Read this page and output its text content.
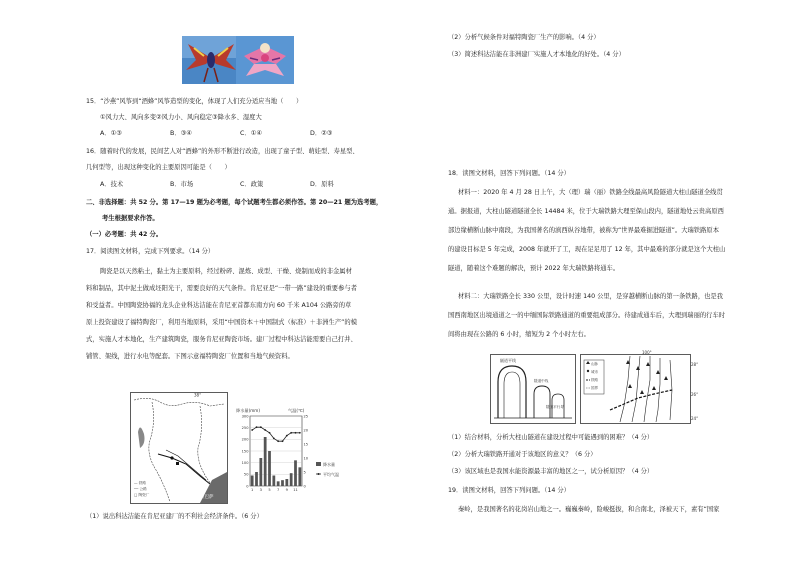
15．“沙燕”风筝到“酒蜂”风筝造型的变化，体现了人们充分适应当地（　　）
①风力大、风向多变②风力小、风向稳定③降水多、湿度大
A．①③	B．③④	C．①④	D．②③
16．随着时代的发展，民间艺人对“酒蜂”的外形不断进行改造，出现了童子型、萌娃型、寿星型、
几何型等，出现这种变化的主要原因可能是（　　）
A．技术	B．市场	C．政策	D．原料
二、非选择题：共 52 分。第 17—19 题为必考题，每个试题考生都必须作答。第 20—21 题为选考题，
考生根据要求作答。
（一）必考题：共 42 分。
17．阅读图文材料，完成下列要求。（14 分）
陶瓷是以天然粘土，黏土为主要原料，经过粉碎、混炼、成型、干燥、烧制而成的非金属材
料和制品，其中泥土做成坯阳光干，需要良好的天气条件。肯尼亚是“一带一路”建设的重要参与者
和受益者。中国陶瓷协福的龙头企业科达洁能在肯尼亚首都东南方向 60 千米 A104 公路旁的草
原上投资建设了福特陶瓷厂，利用当地原料，采用“中国资本＋中国制式（标准）＋非洲生产”的模
式，实施人才本地化，生产建筑陶瓷，服务肯尼亚陶瓷市场。建厂过程中科达洁能需要自己打井、
铺管、架线，进行水电等配套。下图示意福特陶瓷厂位置和当地气候资料。
蒙巴萨
38°
— 铁路
── 公路
□ 陶瓷厂
降水量(mm)	气温(℃)
0
50
100
150
200
250
300
0
5
10
15
20
25
1 3 5 7 9 11
降水量
平均气温
（1）说出科达洁能在肯尼亚建厂的不利社会经济条件。（6 分）
（2）分析气候条件对福特陶瓷厂生产的影响。（4 分）
（3）简述科达洁能在非洲建厂实施人才本地化的好处。（4 分）
18．读图文材料，回答下列问题。（14 分）
材料一：2020 年 4 月 28 日上午，大（理）瑞（丽）铁路全线最高风险隧道大柱山隧道全线贯
通。据报道，大柱山隧道隧道全长 14484 米，位于大瑞铁路大理至保山段内，隧道地处云贵高原西
部边缘横断山脉中南段，为我国著名的滇西纵谷地带，被称为“世界最难掘进隧道”。大瑞铁路原本
的建设目标是 5 年完成，2008 年就开了工，现在足足用了 12 年，其中最难的部分就是这个大柱山
隧道，随着这个难题的解决，预计 2022 年大瑞铁路将通车。
材料二：大瑞铁路全长 330 公里，设计时速 140 公里，是穿越横断山脉的第一条铁路，也是我
国西南地区出境通道之一的中缅国际铁路通道的重要组成部分。待建成通车后，大理到瑞丽的行车时
间将由现在公路的 6 小时，缩短为 2 个小时左右。
隧道平线
隧道中线
隧道平行导
100°
28°
26°
24°
山脉
城市
铁路
国界
（1）结合材料，分析大柱山隧道在建设过程中可能遇到的困难？（4 分）
（2）分析大瑞铁路开通对于该地区的意义？（6 分）
（3）该区域也是我国水能资源最丰富的地区之一，试分析原因？（4 分）
19．读图文材料，回答下列问题。（14 分）
秦岭，是我国著名的花岗岩山地之一。巍巍秦岭，险峻挺拔，和合南北，泽被天下，素有“国家
